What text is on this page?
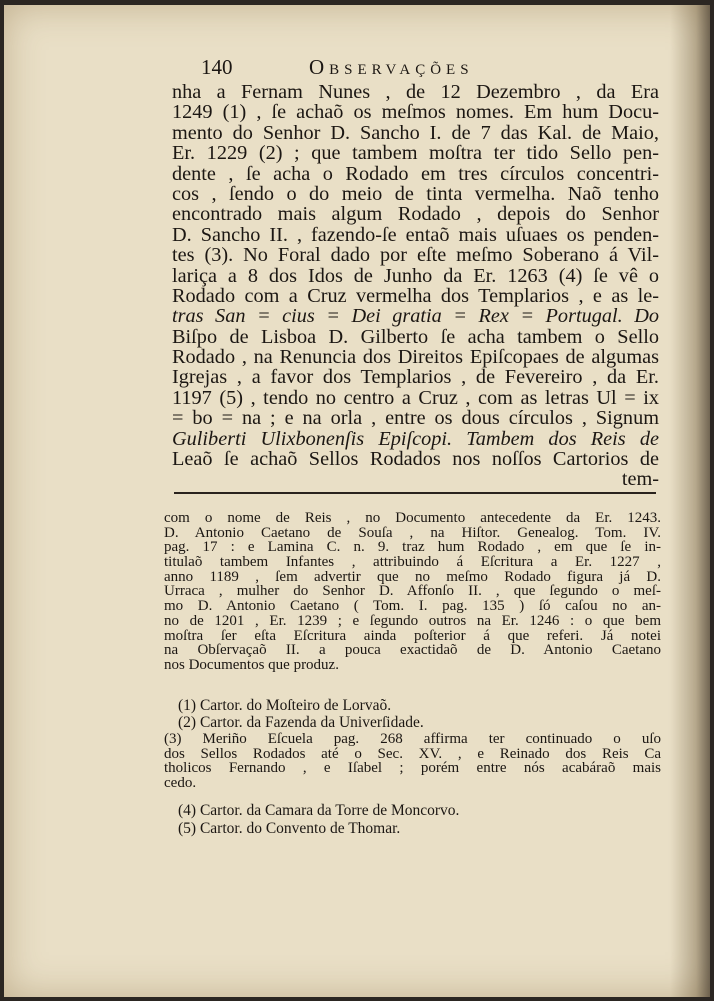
140	Observações
nha a Fernam Nunes , de 12 Dezembro , da Era
1249 (1) , ſe achaõ os meſmos nomes. Em hum Docu-
mento do Senhor D. Sancho I. de 7 das Kal. de Maio,
Er. 1229 (2) ; que tambem moſtra ter tido Sello pen-
dente , ſe acha o Rodado em tres círculos concentri-
cos , ſendo o do meio de tinta vermelha. Naõ tenho
encontrado mais algum Rodado , depois do Senhor
D. Sancho II. , fazendo-ſe entaõ mais uſuaes os penden-
tes (3). No Foral dado por eſte meſmo Soberano á Vil-
lariça a 8 dos Idos de Junho da Er. 1263 (4) ſe vê o
Rodado com a Cruz vermelha dos Templarios , e as le-
tras San = cius = Dei gratia = Rex = Portugal. Do
Biſpo de Lisboa D. Gilberto ſe acha tambem o Sello
Rodado , na Renuncia dos Direitos Epiſcopaes de algumas
Igrejas , a favor dos Templarios , de Fevereiro , da Er.
1197 (5) , tendo no centro a Cruz , com as letras Ul = ix
= bo = na ; e na orla , entre os dous círculos , Signum
Guliberti Ulixbonenſis Epiſcopi. Tambem dos Reis de
Leaõ ſe achaõ Sellos Rodados nos noſſos Cartorios de
tem-
com o nome de Reis , no Documento antecedente da Er. 1243.
D. Antonio Caetano de Souſa , na Hiſtor. Genealog. Tom. IV.
pag. 17 : e Lamina C. n. 9. traz hum Rodado , em que ſe in-
titulaõ tambem Infantes , attribuindo á Eſcritura a Er. 1227 ,
anno 1189 , ſem advertir que no meſmo Rodado figura já D.
Urraca , mulher do Senhor D. Affonſo II. , que ſegundo o meſ-
mo D. Antonio Caetano ( Tom. I. pag. 135 ) ſó caſou no an-
no de 1201 , Er. 1239 ; e ſegundo outros na Er. 1246 : o que bem
moſtra ſer eſta Eſcritura ainda poſterior á que referi. Já notei
na Obſervaçaõ II. a pouca exactidaõ de D. Antonio Caetano
nos Documentos que produz.
(1) Cartor. do Moſteiro de Lorvaõ.
(2) Cartor. da Fazenda da Univerſidade.
(3) Meriño Eſcuela pag. 268 affirma ter continuado o uſo
dos Sellos Rodados até o Sec. XV. , e Reinado dos Reis Ca
tholicos Fernando , e Iſabel ; porém entre nós acabáraõ mais
cedo.
(4) Cartor. da Camara da Torre de Moncorvo.
(5) Cartor. do Convento de Thomar.
